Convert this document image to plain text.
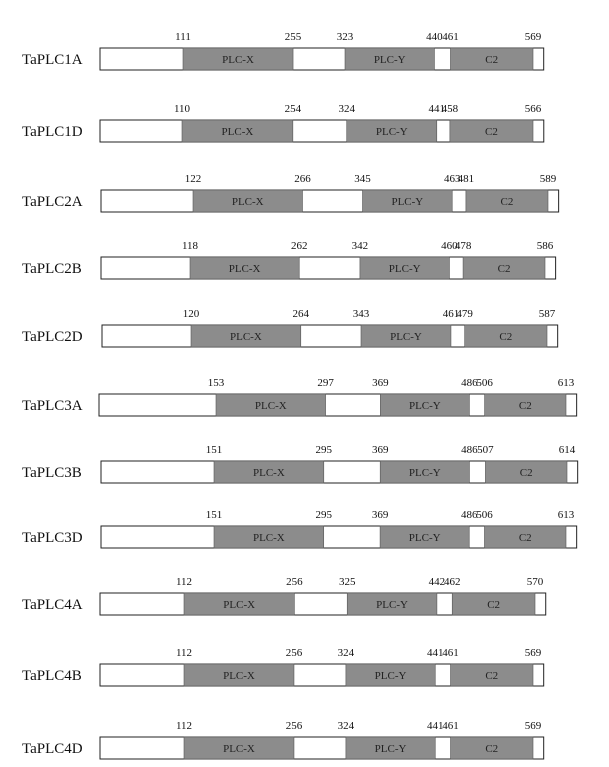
TaPLC1A	PLC-X
111	255
PLC-Y
323	440
C2
461	569
TaPLC1D	PLC-X
110	254
PLC-Y
324	441
C2
458	566
TaPLC2A	PLC-X
122	266
PLC-Y
345	463
C2
481	589
TaPLC2B	PLC-X
118	262
PLC-Y
342	460
C2
478	586
TaPLC2D	PLC-X
120	264
PLC-Y
343	461
C2
479	587
TaPLC3A	PLC-X
153	297
PLC-Y
369	486
C2
506	613
TaPLC3B	PLC-X
151	295
PLC-Y
369	486
C2
507	614
TaPLC3D	PLC-X
151	295
PLC-Y
369	486
C2
506	613
TaPLC4A	PLC-X
112	256
PLC-Y
325	442
C2
462	570
TaPLC4B	PLC-X
112	256
PLC-Y
324	441
C2
461	569
TaPLC4D	PLC-X
112	256
PLC-Y
324	441
C2
461	569
